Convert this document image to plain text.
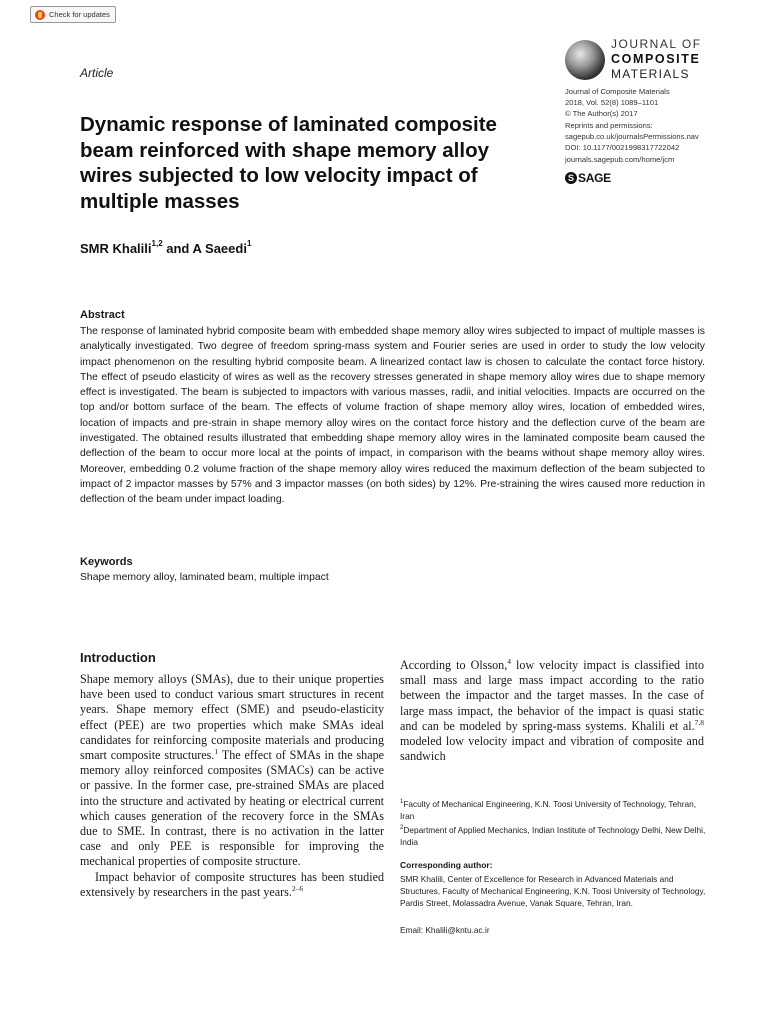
Check for updates
Article
JOURNAL OF
COMPOSITE
MATERIALS
Journal of Composite Materials
2018, Vol. 52(8) 1089–1101
© The Author(s) 2017
Reprints and permissions:
sagepub.co.uk/journalsPermissions.nav
DOI: 10.1177/0021998317722042
journals.sagepub.com/home/jcm
S SAGE
Dynamic response of laminated composite beam reinforced with shape memory alloy wires subjected to low velocity impact of multiple masses
SMR Khalili$^{1,2}$ and A Saeedi$^1$
Abstract
The response of laminated hybrid composite beam with embedded shape memory alloy wires subjected to impact of multiple masses is analytically investigated. Two degree of freedom spring-mass system and Fourier series are used in order to study the low velocity impact phenomenon on the resulting hybrid composite beam. A linearized contact law is chosen to calculate the contact force history. The effect of pseudo elasticity of wires as well as the recovery stresses generated in shape memory alloy wires due to shape memory effect is investigated. The beam is subjected to impactors with various masses, radii, and initial velocities. Impacts are occurred on the top and/or bottom surface of the beam. The effects of volume fraction of shape memory alloy wires, location of embedded wires, location of impacts and pre-strain in shape memory alloy wires on the contact force history and the deflection curve of the beam are investigated. The obtained results illustrated that embedding shape memory alloy wires in the laminated composite beam caused the deflection of the beam to occur more local at the points of impact, in comparison with the beams without shape memory alloy wires. Moreover, embedding 0.2 volume fraction of the shape memory alloy wires reduced the maximum deflection of the beam subjected to impact of 2 impactor masses by 57% and 3 impactor masses (on both sides) by 12%. Pre-straining the wires caused more reduction in deflection of the beam under impact loading.
Keywords
Shape memory alloy, laminated beam, multiple impact
Introduction

Shape memory alloys (SMAs), due to their unique properties have been used to conduct various smart structures in recent years. Shape memory effect (SME) and pseudo-elasticity effect (PEE) are two properties which make SMAs ideal candidates for reinforcing composite materials and producing smart composite structures.$^1$ The effect of SMAs in the shape memory alloy reinforced composites (SMACs) can be active or passive. In the former case, pre-strained SMAs are placed into the structure and activated by heating or electrical current which causes generation of the recovery force in the SMAs due to SME. In contrast, there is no activation in the latter case and only PEE is responsible for improving the mechanical properties of composite structure.

Impact behavior of composite structures has been studied extensively by researchers in the past years.$^{2-6}$

According to Olsson,$^4$ low velocity impact is classified into small mass and large mass impact according to the ratio between the impactor and the target masses. In the case of large mass impact, the behavior of the impact is quasi static and can be modeled by spring-mass systems. Khalili et al.$^{7,8}$ modeled low velocity impact and vibration of composite and sandwich

$^1$Faculty of Mechanical Engineering, K.N. Toosi University of Technology, Tehran, Iran
$^2$Department of Applied Mechanics, Indian Institute of Technology Delhi, New Delhi, India
Corresponding author:
SMR Khalili, Center of Excellence for Research in Advanced Materials and Structures, Faculty of Mechanical Engineering, K.N. Toosi University of Technology, Pardis Street, Molassadra Avenue, Vanak Square, Tehran, Iran.
Email: Khalili@kntu.ac.ir
